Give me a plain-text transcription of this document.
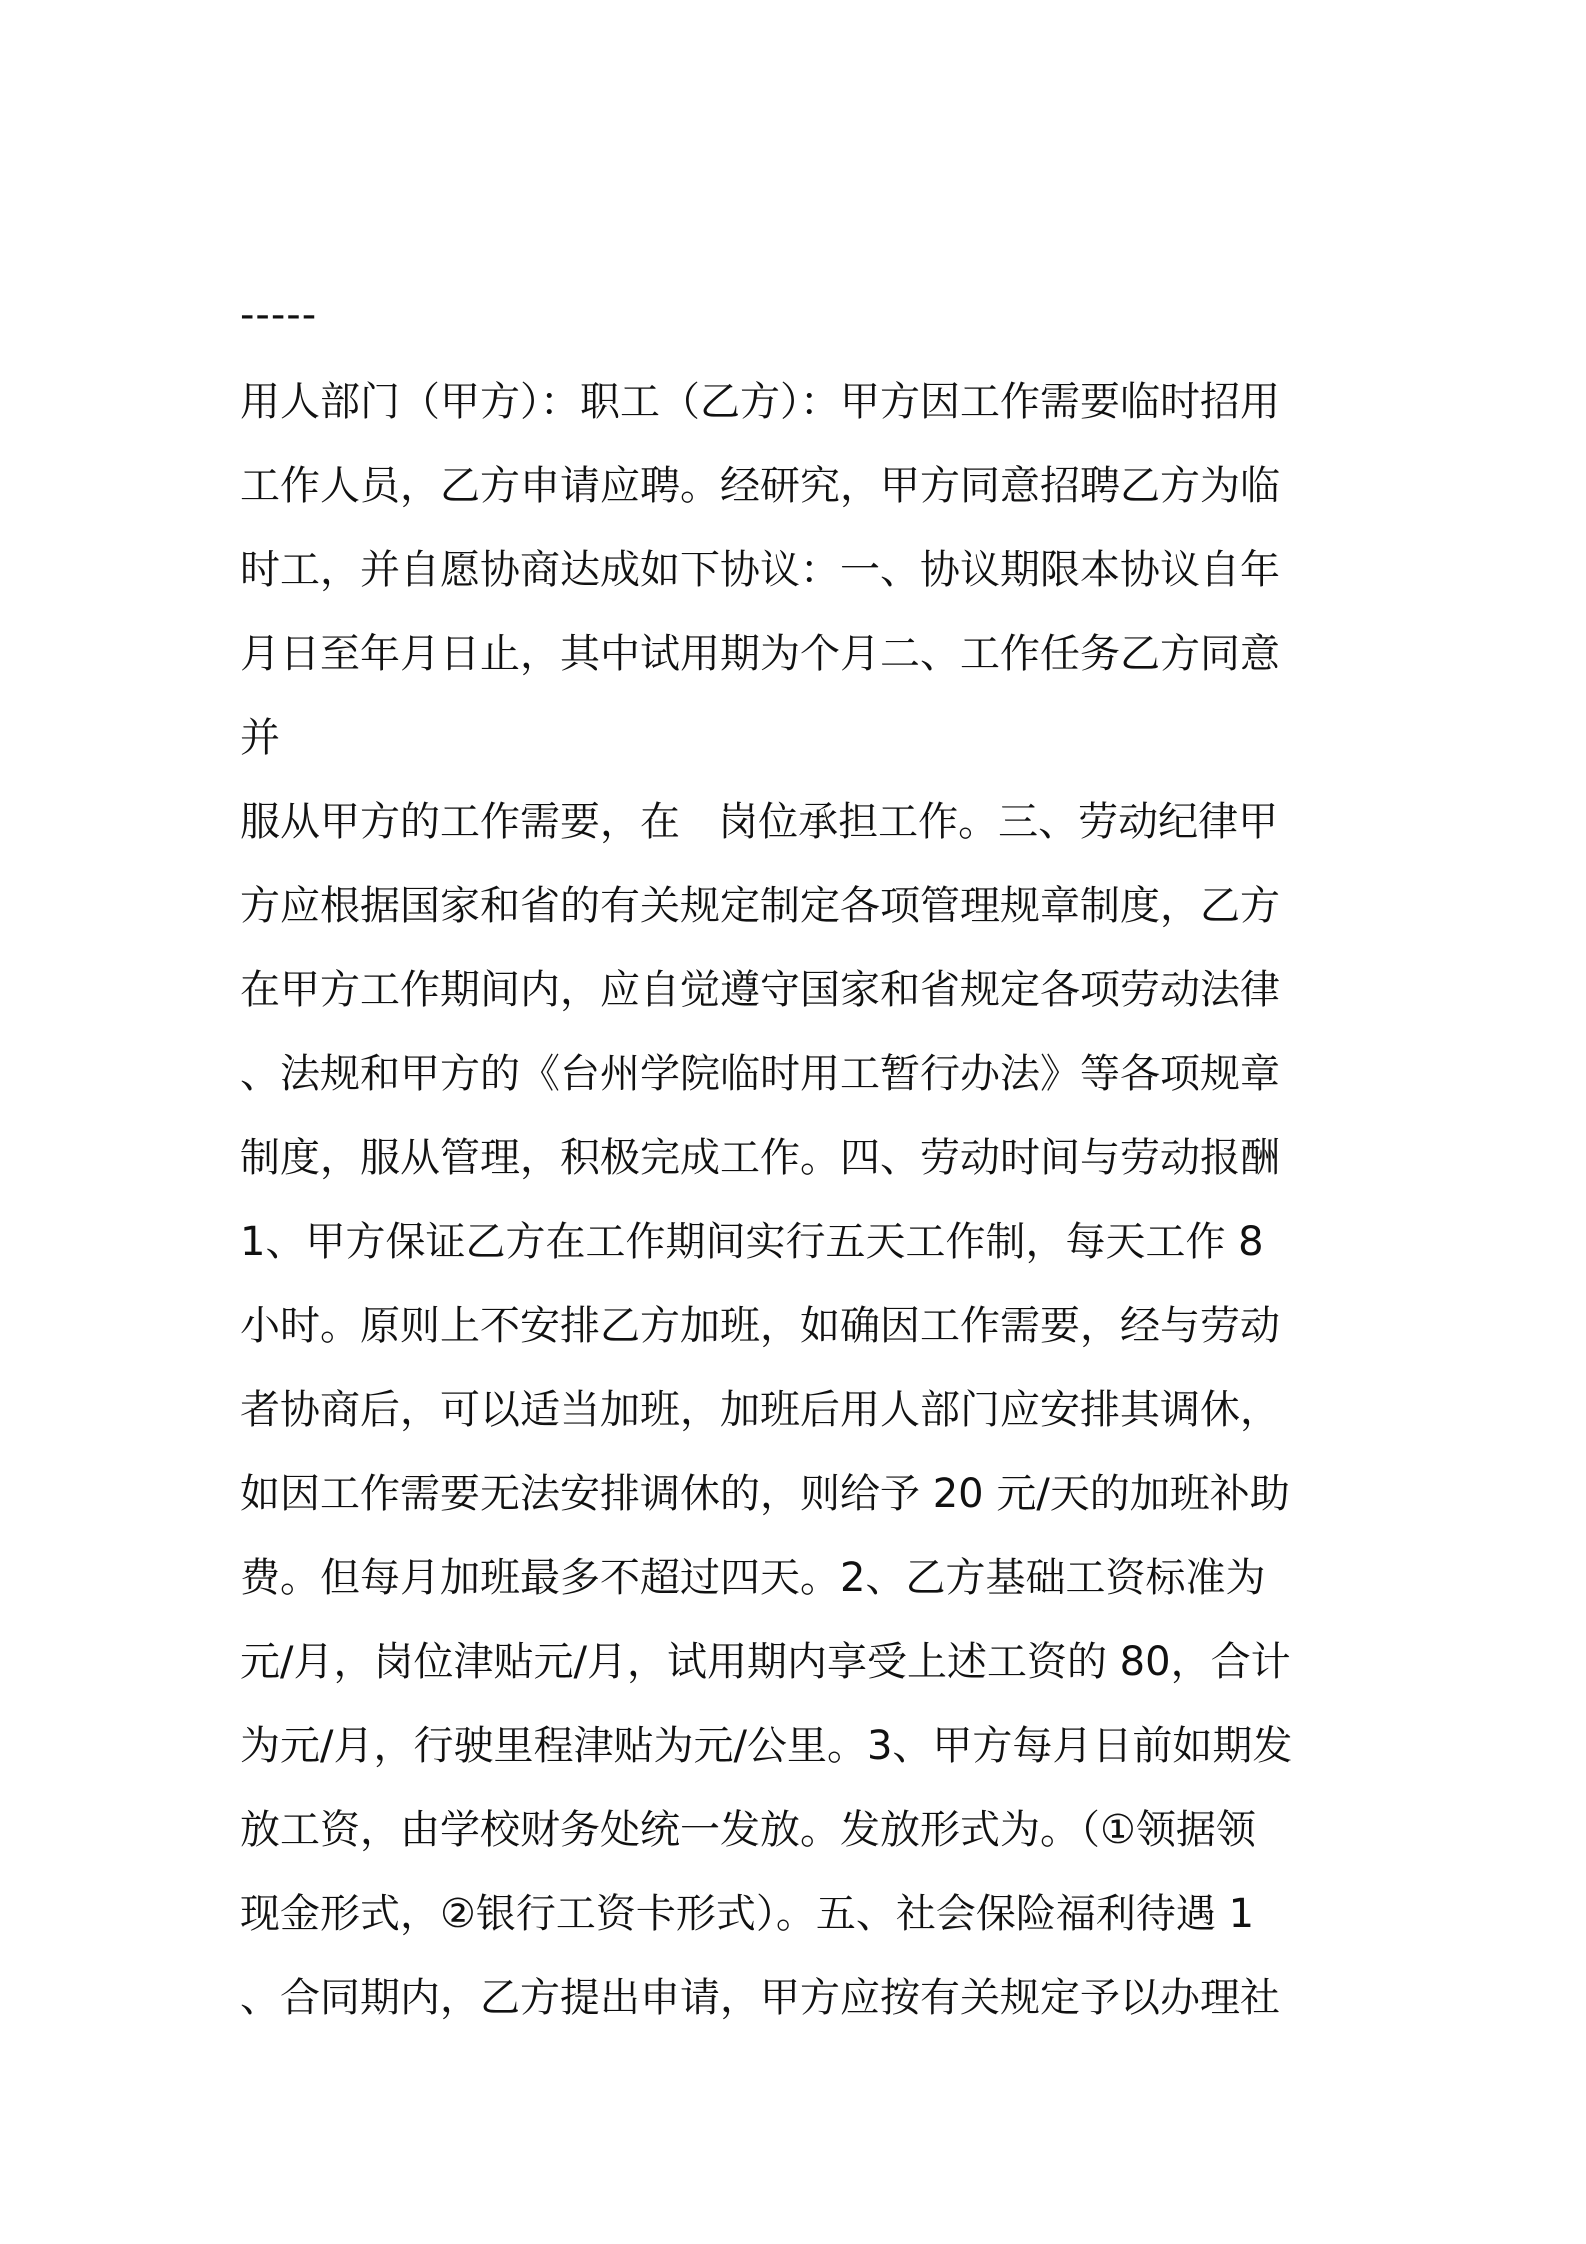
-----
用人部门（甲方）：职工（乙方）：甲方因工作需要临时招用
工作人员，乙方申请应聘。经研究，甲方同意招聘乙方为临
时工，并自愿协商达成如下协议：一、协议期限本协议自年
月日至年月日止，其中试用期为个月二、工作任务乙方同意
并
服从甲方的工作需要，在   岗位承担工作。三、劳动纪律甲
方应根据国家和省的有关规定制定各项管理规章制度，乙方
在甲方工作期间内，应自觉遵守国家和省规定各项劳动法律
、法规和甲方的《台州学院临时用工暂行办法》等各项规章
制度，服从管理，积极完成工作。四、劳动时间与劳动报酬
1、甲方保证乙方在工作期间实行五天工作制，每天工作 8
小时。原则上不安排乙方加班，如确因工作需要，经与劳动
者协商后，可以适当加班，加班后用人部门应安排其调休，
如因工作需要无法安排调休的，则给予 20 元/天的加班补助
费。但每月加班最多不超过四天。2、乙方基础工资标准为
元/月，岗位津贴元/月，试用期内享受上述工资的 80，合计
为元/月，行驶里程津贴为元/公里。3、甲方每月日前如期发
放工资，由学校财务处统一发放。发放形式为。（①领据领
现金形式，②银行工资卡形式）。五、社会保险福利待遇 1
、合同期内，乙方提出申请，甲方应按有关规定予以办理社
